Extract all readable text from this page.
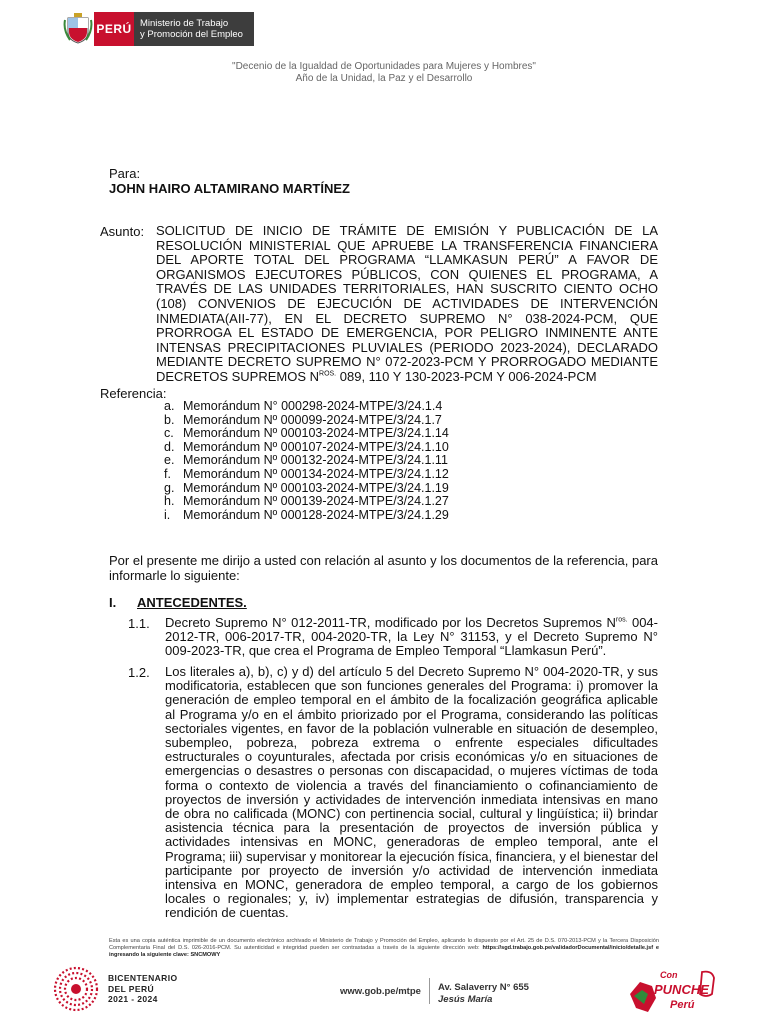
PERÚ Ministerio de Trabajo
y Promoción del Empleo
"Decenio de la Igualdad de Oportunidades para Mujeres y Hombres"
Año de la Unidad, la Paz y el Desarrollo
Para:
JOHN HAIRO ALTAMIRANO MARTÍNEZ
Asunto: SOLICITUD DE INICIO DE TRÁMITE DE EMISIÓN Y PUBLICACIÓN DE LA RESOLUCIÓN MINISTERIAL QUE APRUEBE LA TRANSFERENCIA FINANCIERA DEL APORTE TOTAL DEL PROGRAMA “LLAMKASUN PERÚ” A FAVOR DE ORGANISMOS EJECUTORES PÚBLICOS, CON QUIENES EL PROGRAMA, A TRAVÉS DE LAS UNIDADES TERRITORIALES, HAN SUSCRITO CIENTO OCHO (108) CONVENIOS DE EJECUCIÓN DE ACTIVIDADES DE INTERVENCIÓN INMEDIATA(AII-77), EN EL DECRETO SUPREMO N° 038-2024-PCM, QUE PRORROGA EL ESTADO DE EMERGENCIA, POR PELIGRO INMINENTE ANTE INTENSAS PRECIPITACIONES PLUVIALES (PERIODO 2023-2024), DECLARADO MEDIANTE DECRETO SUPREMO N° 072-2023-PCM Y PRORROGADO MEDIANTE DECRETOS SUPREMOS $N^{ROS.}$ 089, 110 Y 130-2023-PCM Y 006-2024-PCM
Referencia:
a. Memorándum N° 000298-2024-MTPE/3/24.1.4
b. Memorándum Nº 000099-2024-MTPE/3/24.1.7
c. Memorándum Nº 000103-2024-MTPE/3/24.1.14
d. Memorándum Nº 000107-2024-MTPE/3/24.1.10
e. Memorándum Nº 000132-2024-MTPE/3/24.1.11
f. Memorándum Nº 000134-2024-MTPE/3/24.1.12
g. Memorándum Nº 000103-2024-MTPE/3/24.1.19
h. Memorándum Nº 000139-2024-MTPE/3/24.1.27
i.	Memorándum Nº 000128-2024-MTPE/3/24.1.29
Por el presente me dirijo a usted con relación al asunto y los documentos de la referencia, para informarle lo siguiente:
I. ANTECEDENTES.
1.1. Decreto Supremo N° 012-2011-TR, modificado por los Decretos Supremos $N^{ros.}$ 004-2012-TR, 006-2017-TR, 004-2020-TR, la Ley N° 31153, y el Decreto Supremo N° 009-2023-TR, que crea el Programa de Empleo Temporal “Llamkasun Perú”.
1.2. Los literales a), b), c) y d) del artículo 5 del Decreto Supremo N° 004-2020-TR, y sus modificatoria, establecen que son funciones generales del Programa: i) promover la generación de empleo temporal en el ámbito de la focalización geográfica aplicable al Programa y/o en el ámbito priorizado por el Programa, considerando las políticas sectoriales vigentes, en favor de la población vulnerable en situación de desempleo, subempleo, pobreza, pobreza extrema o enfrente especiales dificultades estructurales o coyunturales, afectada por crisis económicas y/o en situaciones de emergencias o desastres o personas con discapacidad, o mujeres víctimas de toda forma o contexto de violencia a través del financiamiento o cofinanciamiento de proyectos de inversión y actividades de intervención inmediata intensivas en mano de obra no calificada (MONC) con pertinencia social, cultural y lingüística; ii) brindar asistencia técnica para la presentación de proyectos de inversión pública y actividades intensivas en MONC, generadoras de empleo temporal, ante el Programa; iii) supervisar y monitorear la ejecución física, financiera, y el bienestar del participante por proyecto de inversión y/o actividad de intervención inmediata intensiva en MONC, generadora de empleo temporal, a cargo de los gobiernos locales o regionales; y, iv) implementar estrategias de difusión, transparencia y rendición de cuentas.
Esta es una copia auténtica imprimible de un documento electrónico archivado el Ministerio de Trabajo y Promoción del Empleo, aplicando lo dispuesto por el Art. 25 de D.S. 070-2013-PCM y la Tercera Disposición Complementaria Final del D.S. 026-2016-PCM. Su autenticidad e integridad pueden ser contrastadas a través de la siguiente dirección web: https://sgd.trabajo.gob.pe/validadorDocumental/inicio/detalle.jsf e ingresando la siguiente clave: SNCMOWY
BICENTENARIO
DEL PERÚ
2021 - 2024
www.gob.pe/mtpe Av. Salaverry N° 655
Jesús María
Con
PUNCHE
Perú
